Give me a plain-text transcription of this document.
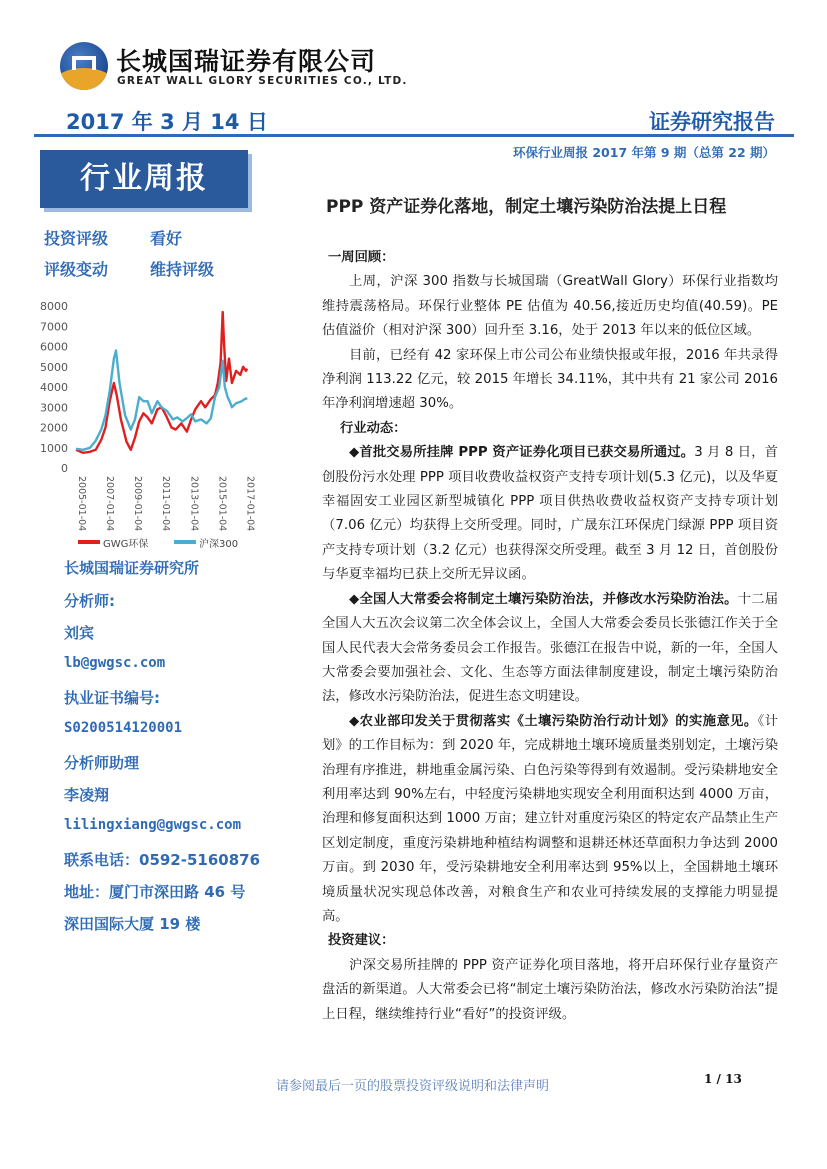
长城国瑞证券有限公司
GREAT WALL GLORY SECURITIES CO., LTD.
2017 年 3 月 14 日	证券研究报告
环保行业周报 2017 年第 9 期（总第 22 期）
行业周报
投资评级	看好
评级变动	维持评级
PPP 资产证券化落地，制定土壤污染防治法提上日程
8000
7000
6000
5000
4000
3000
2000
1000
0
2005-01-04 2007-01-04 2009-01-04 2011-01-04 2013-01-04 2015-01-04 2017-01-04
GWG环保	沪深300
长城国瑞证券研究所
分析师:
刘宾
lb@gwgsc.com
执业证书编号:
S0200514120001
分析师助理
李凌翔
lilingxiang@gwgsc.com
联系电话：0592-5160876
地址：厦门市深田路 46 号
深田国际大厦 19 楼

一周回顾：

上周，沪深 300 指数与长城国瑞（GreatWall Glory）环保行业指数均维持震荡格局。环保行业整体 PE 估值为 40.56,接近历史均值(40.59)。PE 估值溢价（相对沪深 300）回升至 3.16，处于 2013 年以来的低位区域。

目前，已经有 42 家环保上市公司公布业绩快报或年报，2016 年共录得净利润 113.22 亿元，较 2015 年增长 34.11%，其中共有 21 家公司 2016 年净利润增速超 30%。

行业动态：

◆首批交易所挂牌 PPP 资产证券化项目已获交易所通过。3 月 8 日，首创股份污水处理 PPP 项目收费收益权资产支持专项计划(5.3 亿元)，以及华夏幸福固安工业园区新型城镇化 PPP 项目供热收费收益权资产支持专项计划（7.06 亿元）均获得上交所受理。同时，广晟东江环保虎门绿源 PPP 项目资产支持专项计划（3.2 亿元）也获得深交所受理。截至 3 月 12 日，首创股份与华夏幸福均已获上交所无异议函。

◆全国人大常委会将制定土壤污染防治法，并修改水污染防治法。十二届全国人大五次会议第二次全体会议上，全国人大常委会委员长张德江作关于全国人民代表大会常务委员会工作报告。张德江在报告中说，新的一年，全国人大常委会要加强社会、文化、生态等方面法律制度建设，制定土壤污染防治法，修改水污染防治法，促进生态文明建设。

◆农业部印发关于贯彻落实《土壤污染防治行动计划》的实施意见。《计划》的工作目标为：到 2020 年，完成耕地土壤环境质量类别划定，土壤污染治理有序推进，耕地重金属污染、白色污染等得到有效遏制。受污染耕地安全利用率达到 90%左右，中轻度污染耕地实现安全利用面积达到 4000 万亩，治理和修复面积达到 1000 万亩；建立针对重度污染区的特定农产品禁止生产区划定制度，重度污染耕地种植结构调整和退耕还林还草面积力争达到 2000 万亩。到 2030 年，受污染耕地安全利用率达到 95%以上，全国耕地土壤环境质量状况实现总体改善，对粮食生产和农业可持续发展的支撑能力明显提高。

投资建议：

沪深交易所挂牌的 PPP 资产证券化项目落地，将开启环保行业存量资产盘活的新渠道。人大常委会已将“制定土壤污染防治法，修改水污染防治法”提上日程，继续维持行业“看好”的投资评级。

请参阅最后一页的股票投资评级说明和法律声明	1 / 13
